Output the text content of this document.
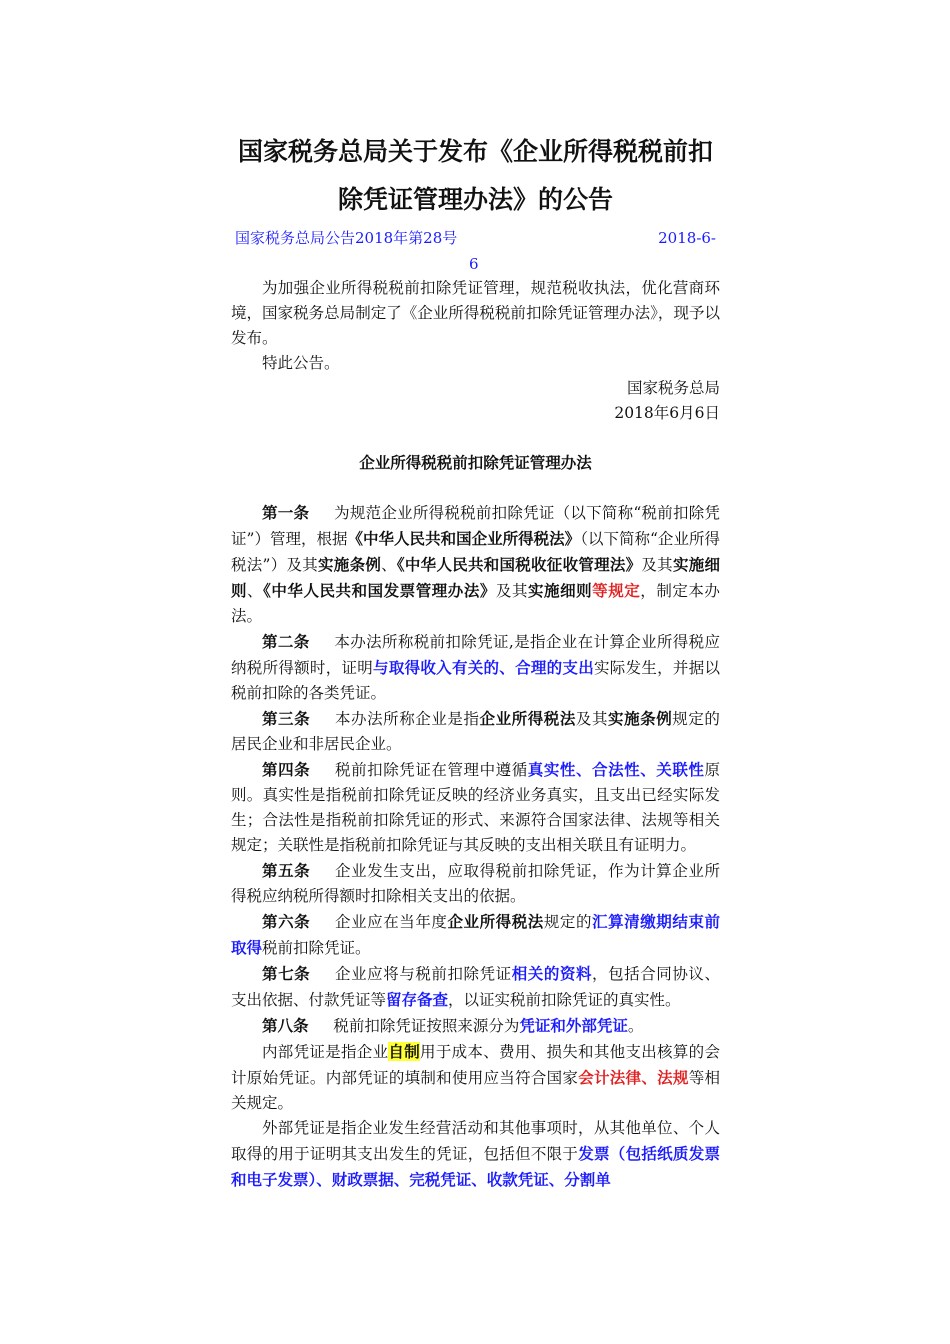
国家税务总局关于发布《企业所得税税前扣除凭证管理办法》的公告
国家税务总局公告2018年第28号	2018-6-
6

为加强企业所得税税前扣除凭证管理，规范税收执法，优化营商环境，国家税务总局制定了《企业所得税税前扣除凭证管理办法》，现予以发布。

特此公告。

国家税务总局

2018年6月6日

企业所得税税前扣除凭证管理办法

第一条 为规范企业所得税税前扣除凭证（以下简称“税前扣除凭证”）管理，根据《中华人民共和国企业所得税法》（以下简称“企业所得税法”）及其实施条例、《中华人民共和国税收征收管理法》及其实施细则、《中华人民共和国发票管理办法》及其实施细则等规定，制定本办法。

第二条 本办法所称税前扣除凭证,是指企业在计算企业所得税应纳税所得额时，证明与取得收入有关的、合理的支出实际发生，并据以税前扣除的各类凭证。

第三条 本办法所称企业是指企业所得税法及其实施条例规定的居民企业和非居民企业。

第四条 税前扣除凭证在管理中遵循真实性、合法性、关联性原则。真实性是指税前扣除凭证反映的经济业务真实，且支出已经实际发生；合法性是指税前扣除凭证的形式、来源符合国家法律、法规等相关规定；关联性是指税前扣除凭证与其反映的支出相关联且有证明力。

第五条 企业发生支出，应取得税前扣除凭证，作为计算企业所得税应纳税所得额时扣除相关支出的依据。

第六条 企业应在当年度企业所得税法规定的汇算清缴期结束前取得税前扣除凭证。

第七条 企业应将与税前扣除凭证相关的资料，包括合同协议、支出依据、付款凭证等留存备查，以证实税前扣除凭证的真实性。

第八条 税前扣除凭证按照来源分为凭证和外部凭证。

内部凭证是指企业自制用于成本、费用、损失和其他支出核算的会计原始凭证。内部凭证的填制和使用应当符合国家会计法律、法规等相关规定。

外部凭证是指企业发生经营活动和其他事项时，从其他单位、个人取得的用于证明其支出发生的凭证，包括但不限于发票（包括纸质发票和电子发票）、财政票据、完税凭证、收款凭证、分割单
